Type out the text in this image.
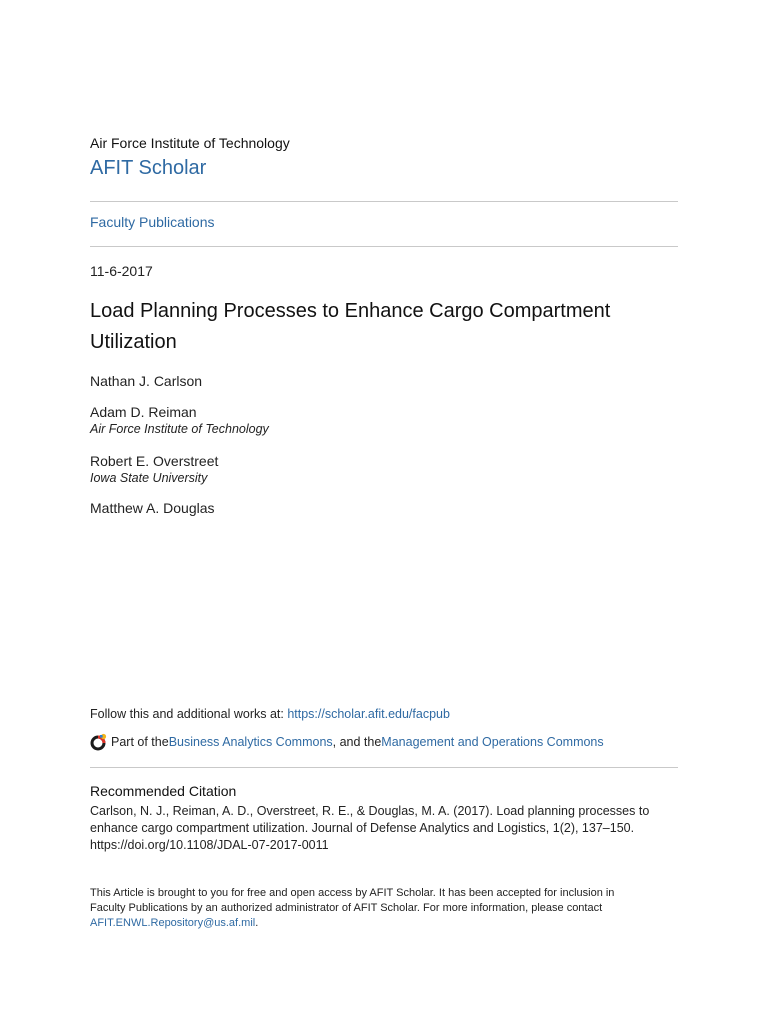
Air Force Institute of Technology
AFIT Scholar
Faculty Publications
11-6-2017
Load Planning Processes to Enhance Cargo Compartment Utilization
Nathan J. Carlson
Adam D. Reiman
Air Force Institute of Technology
Robert E. Overstreet
Iowa State University
Matthew A. Douglas
Follow this and additional works at: https://scholar.afit.edu/facpub
Part of the Business Analytics Commons , and the Management and Operations Commons
Recommended Citation
Carlson, N. J., Reiman, A. D., Overstreet, R. E., & Douglas, M. A. (2017). Load planning processes to enhance cargo compartment utilization. Journal of Defense Analytics and Logistics, 1(2), 137–150. https://doi.org/10.1108/JDAL-07-2017-0011
This Article is brought to you for free and open access by AFIT Scholar. It has been accepted for inclusion in Faculty Publications by an authorized administrator of AFIT Scholar. For more information, please contact AFIT.ENWL.Repository@us.af.mil.
